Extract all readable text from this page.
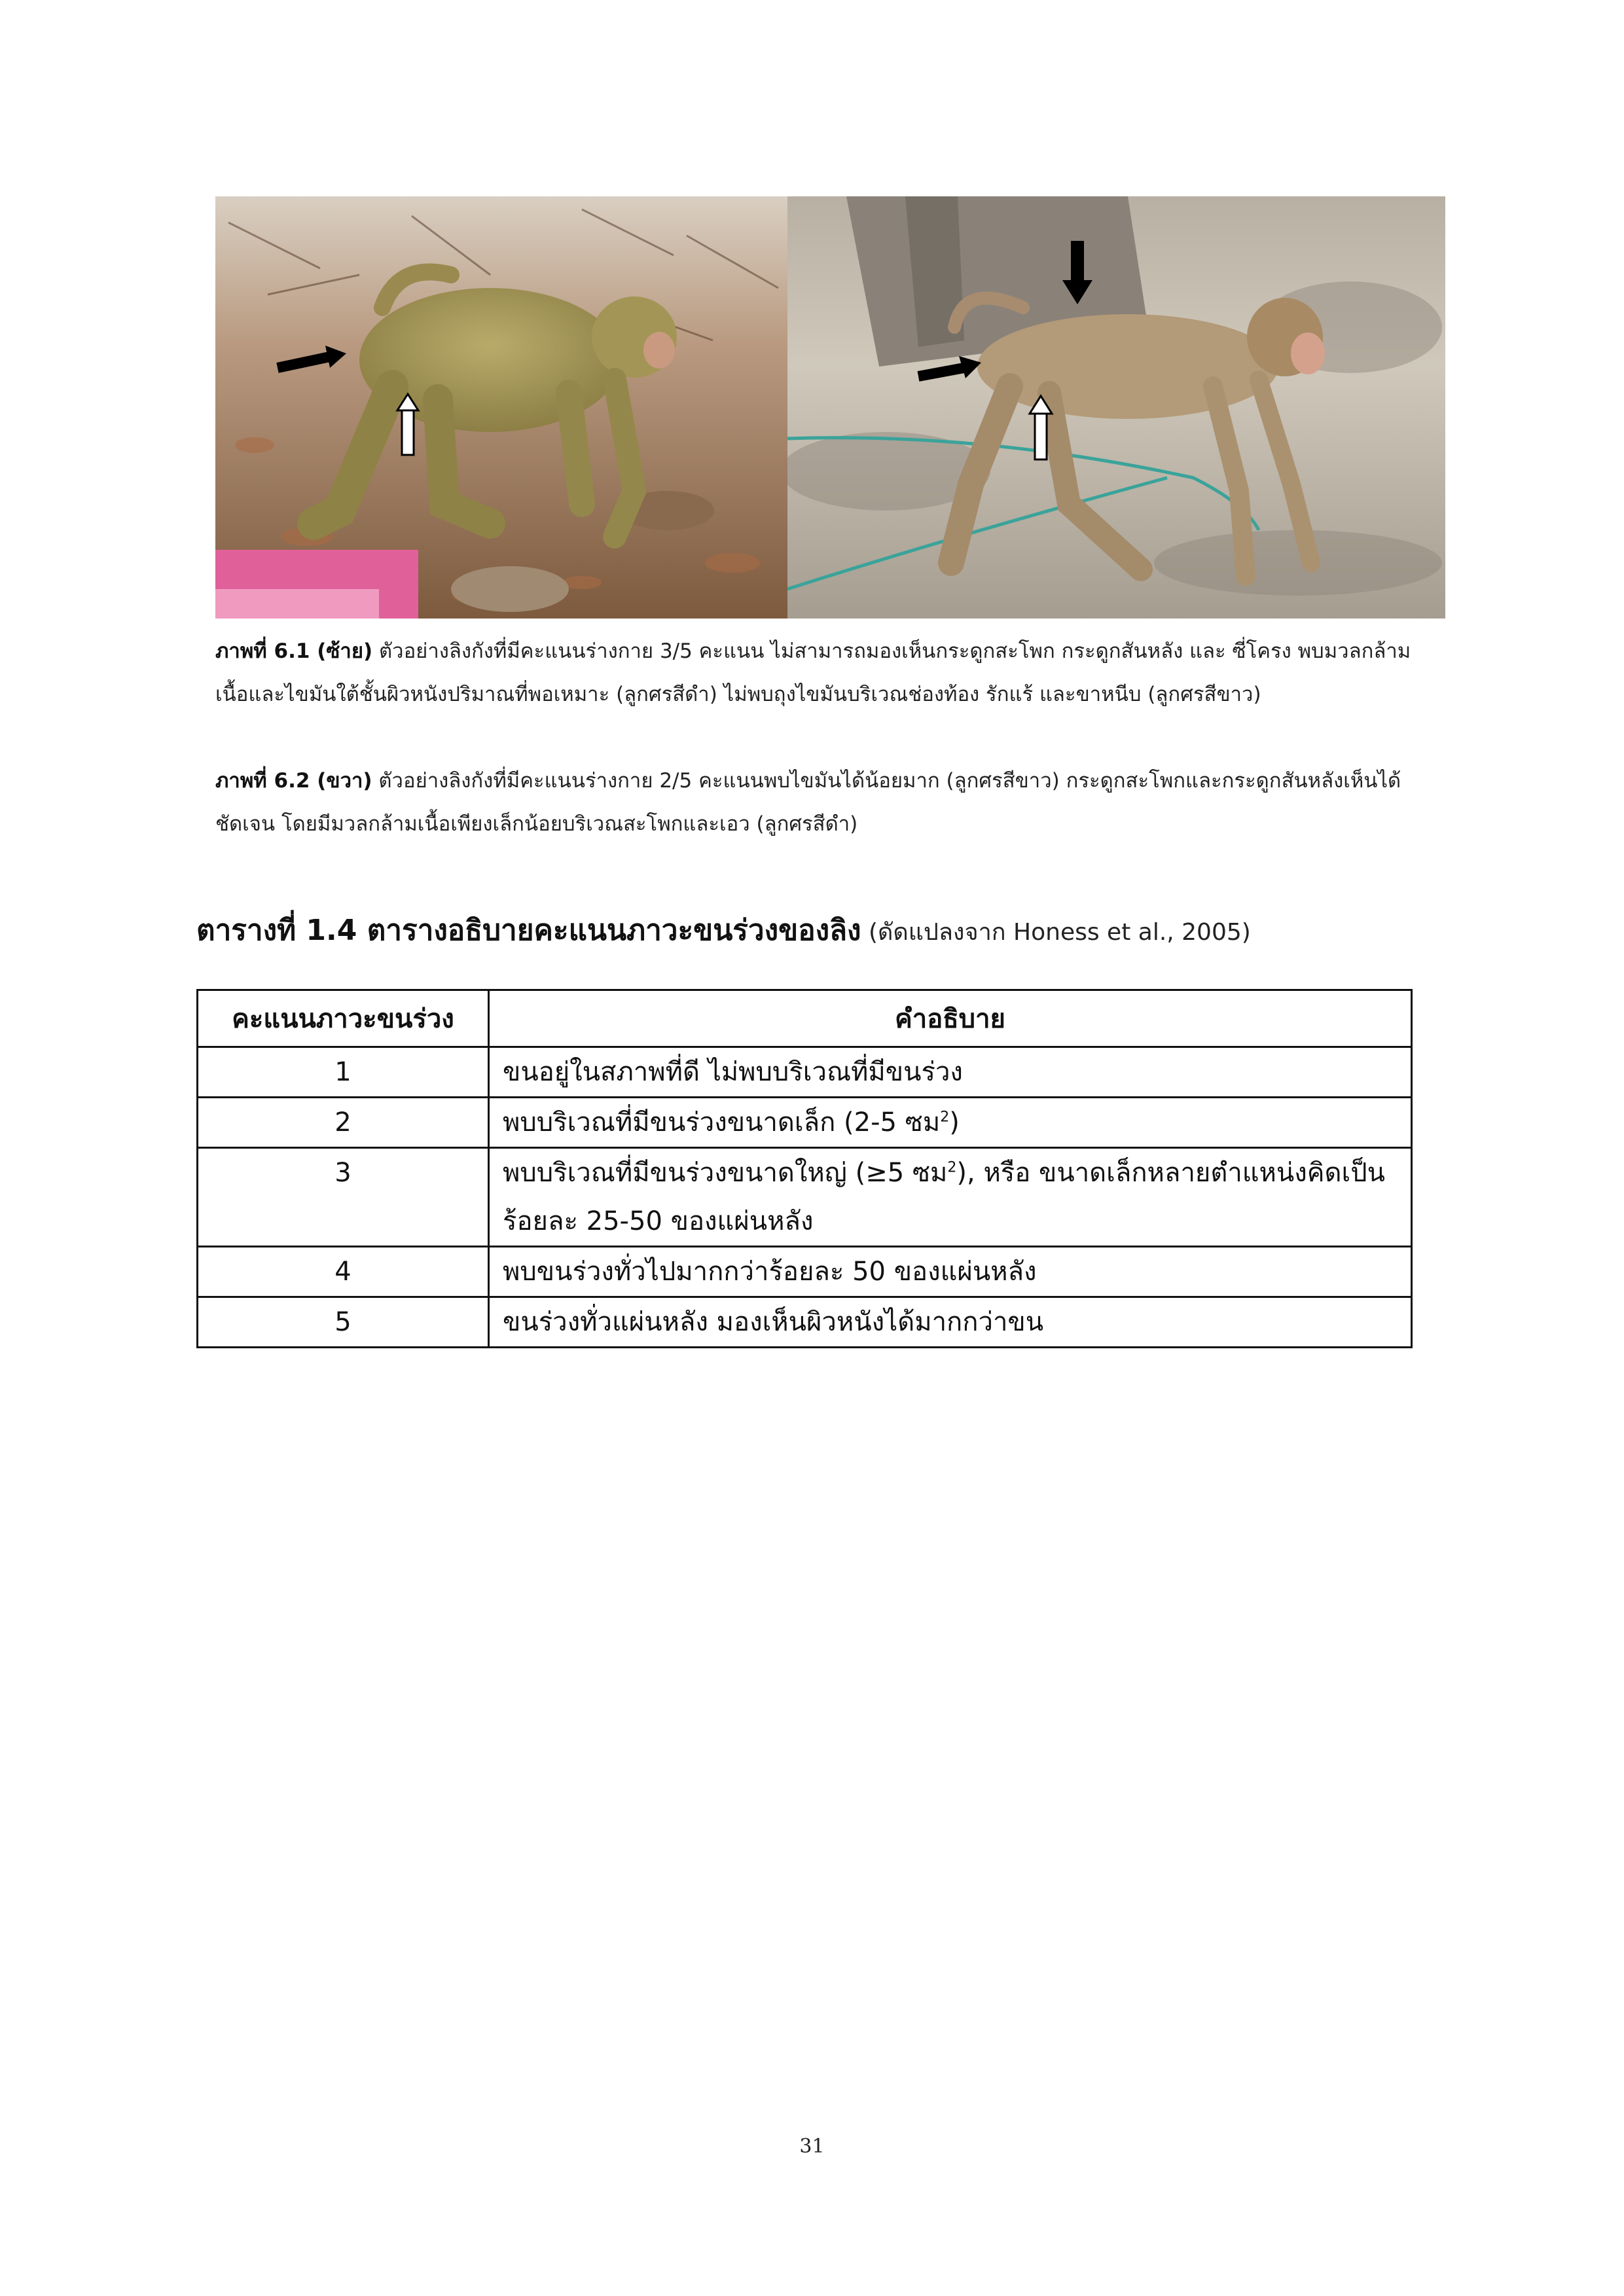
ภาพที่ 6.1 (ซ้าย) ตัวอย่างลิงกังที่มีคะแนนร่างกาย 3/5 คะแนน ไม่สามารถมองเห็นกระดูกสะโพก กระดูกสันหลัง และ ซี่โครง พบมวลกล้ามเนื้อและไขมันใต้ชั้นผิวหนังปริมาณที่พอเหมาะ (ลูกศรสีดำ) ไม่พบถุงไขมันบริเวณช่องท้อง รักแร้ และขาหนีบ (ลูกศรสีขาว)
ภาพที่ 6.2 (ขวา) ตัวอย่างลิงกังที่มีคะแนนร่างกาย 2/5 คะแนนพบไขมันได้น้อยมาก (ลูกศรสีขาว) กระดูกสะโพกและกระดูกสันหลังเห็นได้ชัดเจน โดยมีมวลกล้ามเนื้อเพียงเล็กน้อยบริเวณสะโพกและเอว (ลูกศรสีดำ)
ตารางที่ 1.4 ตารางอธิบายคะแนนภาวะขนร่วงของลิง (ดัดแปลงจาก Honess et al., 2005)
คะแนนภาวะขนร่วง	คำอธิบาย
1	ขนอยู่ในสภาพที่ดี ไม่พบบริเวณที่มีขนร่วง
2	พบบริเวณที่มีขนร่วงขนาดเล็ก (2-5 ซม$^2$)
3	พบบริเวณที่มีขนร่วงขนาดใหญ่ (≥5 ซม$^2$), หรือ ขนาดเล็กหลายตำแหน่งคิดเป็นร้อยละ 25-50 ของแผ่นหลัง
4	พบขนร่วงทั่วไปมากกว่าร้อยละ 50 ของแผ่นหลัง
5	ขนร่วงทั่วแผ่นหลัง มองเห็นผิวหนังได้มากกว่าขน
31
